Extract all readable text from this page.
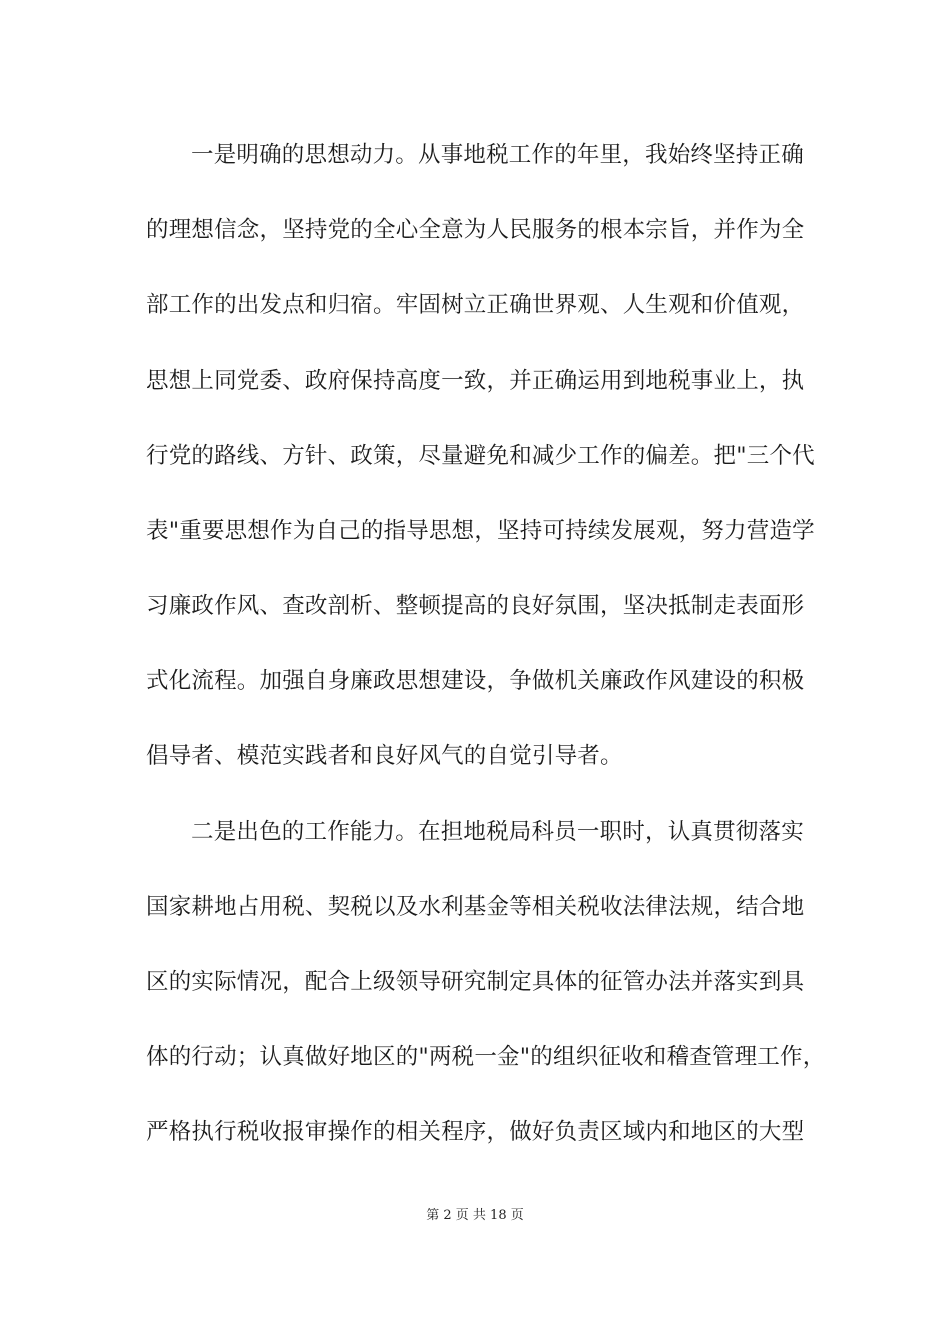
一是明确的思想动力。从事地税工作的年里，我始终坚持正确
的理想信念，坚持党的全心全意为人民服务的根本宗旨，并作为全
部工作的出发点和归宿。牢固树立正确世界观、人生观和价值观，
思想上同党委、政府保持高度一致，并正确运用到地税事业上，执
行党的路线、方针、政策，尽量避免和减少工作的偏差。把"三个代
表"重要思想作为自己的指导思想，坚持可持续发展观，努力营造学
习廉政作风、查改剖析、整顿提高的良好氛围，坚决抵制走表面形
式化流程。加强自身廉政思想建设，争做机关廉政作风建设的积极
倡导者、模范实践者和良好风气的自觉引导者。
二是出色的工作能力。在担地税局科员一职时，认真贯彻落实
国家耕地占用税、契税以及水利基金等相关税收法律法规，结合地
区的实际情况，配合上级领导研究制定具体的征管办法并落实到具
体的行动；认真做好地区的"两税一金"的组织征收和稽查管理工作，
严格执行税收报审操作的相关程序，做好负责区域内和地区的大型
第 2 页 共 18 页
